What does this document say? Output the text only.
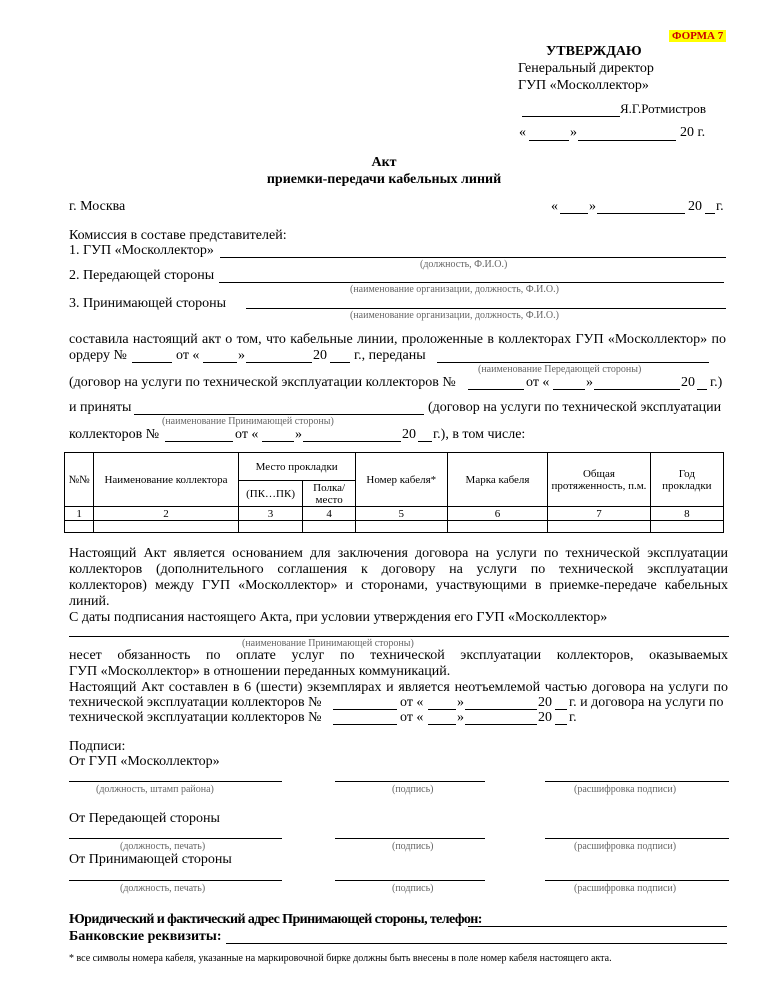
ФОРМА 7
УТВЕРЖДАЮ
Генеральный директор
ГУП «Москоллектор»
Я.Г.Ротмистров
«	»	20 г.
Акт
приемки-передачи кабельных линий
г. Москва	« »	20 г.
Комиссия в составе представителей:
1. ГУП «Москоллектор»
(должность, Ф.И.О.)
2. Передающей стороны
(наименование организации, должность, Ф.И.О.)
3. Принимающей стороны
(наименование организации, должность, Ф.И.О.)
составила настоящий акт о том, что кабельные линии, проложенные в коллекторах ГУП «Москоллектор» по
ордеру №	от «	»	20 г., переданы
(наименование Передающей стороны)
(договор на услуги по технической эксплуатации коллекторов №	от «	»	20 г.)
и приняты	(договор на услуги по технической эксплуатации
(наименование Принимающей стороны)
коллекторов №	от «	»	20 г.), в том числе:
№№	Наименование коллектора	Место прокладки		Номер кабеля*	Марка кабеля	Общая протяженность, п.м.	Год прокладки
		(ПК…ПК)	Полка/ место				
1	2	3	4	5	6	7	8

Настоящий Акт является основанием для заключения договора на услуги по технической эксплуатации
коллекторов (дополнительного соглашения к договору на услуги по технической эксплуатации
коллекторов) между ГУП «Москоллектор» и сторонами, участвующими в приемке-передаче кабельных
линий.
С даты подписания настоящего Акта, при условии утверждения его ГУП «Москоллектор»
(наименование Принимающей стороны)
несет обязанность по оплате услуг по технической эксплуатации коллекторов, оказываемых
ГУП «Москоллектор» в отношении переданных коммуникаций.
Настоящий Акт составлен в 6 (шести) экземплярах и является неотъемлемой частью договора на услуги по
технической эксплуатации коллекторов №	от « »	20 г. и договора на услуги по
технической эксплуатации коллекторов №	от « »	20 г.
Подписи:
От ГУП «Москоллектор»
(должность, штамп района)	(подпись)	(расшифровка подписи)
От Передающей стороны
(должность, печать)	(подпись)	(расшифровка подписи)
От Принимающей стороны
(должность, печать)	(подпись)	(расшифровка подписи)
Юридический и фактический адрес Принимающей стороны, телефон:
Банковские реквизиты:
* все символы номера кабеля, указанные на маркировочной бирке должны быть внесены в поле номер кабеля настоящего акта.
